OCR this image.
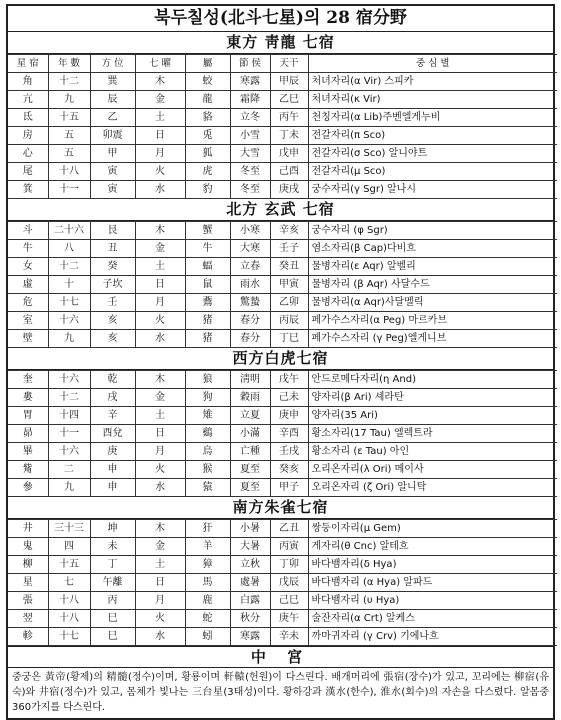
북두칠성(北斗七星)의 28 宿分野
東方 靑龍 七宿
星 宿	年 數	方 位	七 曜	屬	節 侯	天干	중 심 별
角	十二	巽	木	蛟	寒露	甲辰	처녀자리(α Vir) 스피카
亢	九	辰	金	龍	霜降	乙巳	처녀자리(κ Vir)
氐	十五	乙	土	貉	立冬	丙午	천칭자리(α Lib)주벤엘게누비
房	五	卯震	日	兎	小雪	丁未	전갈자리(π Sco)
心	五	甲	月	狐	大雪	戊申	전갈자리(σ Sco) 알니야트
尾	十八	寅	火	虎	冬至	己酉	전갈자리(μ Sco)
箕	十一	寅	水	豹	冬至	庚戌	궁수자리(γ Sgr) 알나시
北方 玄武 七宿
斗	二十六	艮	木	蟹	小寒	辛亥	궁수자리 (φ Sgr)
牛	八	丑	金	牛	大寒	壬子	염소자리(β Cap)다비흐
女	十二	癸	土	蝠	立春	癸丑	물병자리(ε Aqr) 알벨리
虛	十	子坎	日	鼠	雨水	甲寅	물병자리 (β Aqr) 사달수드
危	十七	壬	月	鷰	驚蟄	乙卯	물병자리(α Aqr)사달멜릭
室	十六	亥	火	猪	春分	丙辰	페가수스자리(α Peg) 마르카브
壁	九	亥	水	猪	春分	丁巳	페가수스자리 (γ Peg)엘게니브
西方白虎七宿
奎	十六	乾	木	狼	淸明	戊午	안드로메다자리(η And)
婁	十二	戌	金	狗	穀雨	己未	양자리(β Ari) 셰라탄
胃	十四	辛	土	雉	立夏	庚申	양자리(35 Ari)
昴	十一	酉兌	日	鷄	小滿	辛酉	황소자리(17 Tau) 엘렉트라
畢	十六	庚	月	烏	亡種	壬戌	황소자리 (ε Tau) 아인
觜	二	申	火	猴	夏至	癸亥	오리온자리(λ Ori) 메이사
參	九	申	水	猿	夏至	甲子	오리온자리 (ζ Ori) 알니탁
南方朱雀七宿
井	三十三	坤	木	犴	小暑	乙丑	쌍둥이자리(μ Gem)
鬼	四	未	金	羊	大暑	丙寅	게자리(θ Cnc) 알테흐
柳	十五	丁	土	獐	立秋	丁卯	바다뱀자리(δ Hya)
星	七	午離	日	馬	處暑	戊辰	바다뱀자리 (α Hya) 알파드
張	十八	丙	月	鹿	白露	己巳	바다뱀자리 (υ Hya)
翌	十八	巳	火	蛇	秋分	庚午	술잔자리(α Crt) 알케스
軫	十七	巳	水	蚓	寒露	辛未	까마귀자리 (γ Crv) 기에나흐
中 宮
중궁은 黃帝(황제)의 精髓(정수)이며, 황룡이며 軒轅(헌원)이 다스린다. 배개머리에 張宿(장수)가 있고, 꼬리에는 柳宿(유숙)와 井宿(정수)가 있고, 몸체가 빛나는 三台星(3태성)이다. 황하강과 漢水(한수), 淮水(회수)의 자손을 다스렸다. 알몸중 360가지를 다스린다.
